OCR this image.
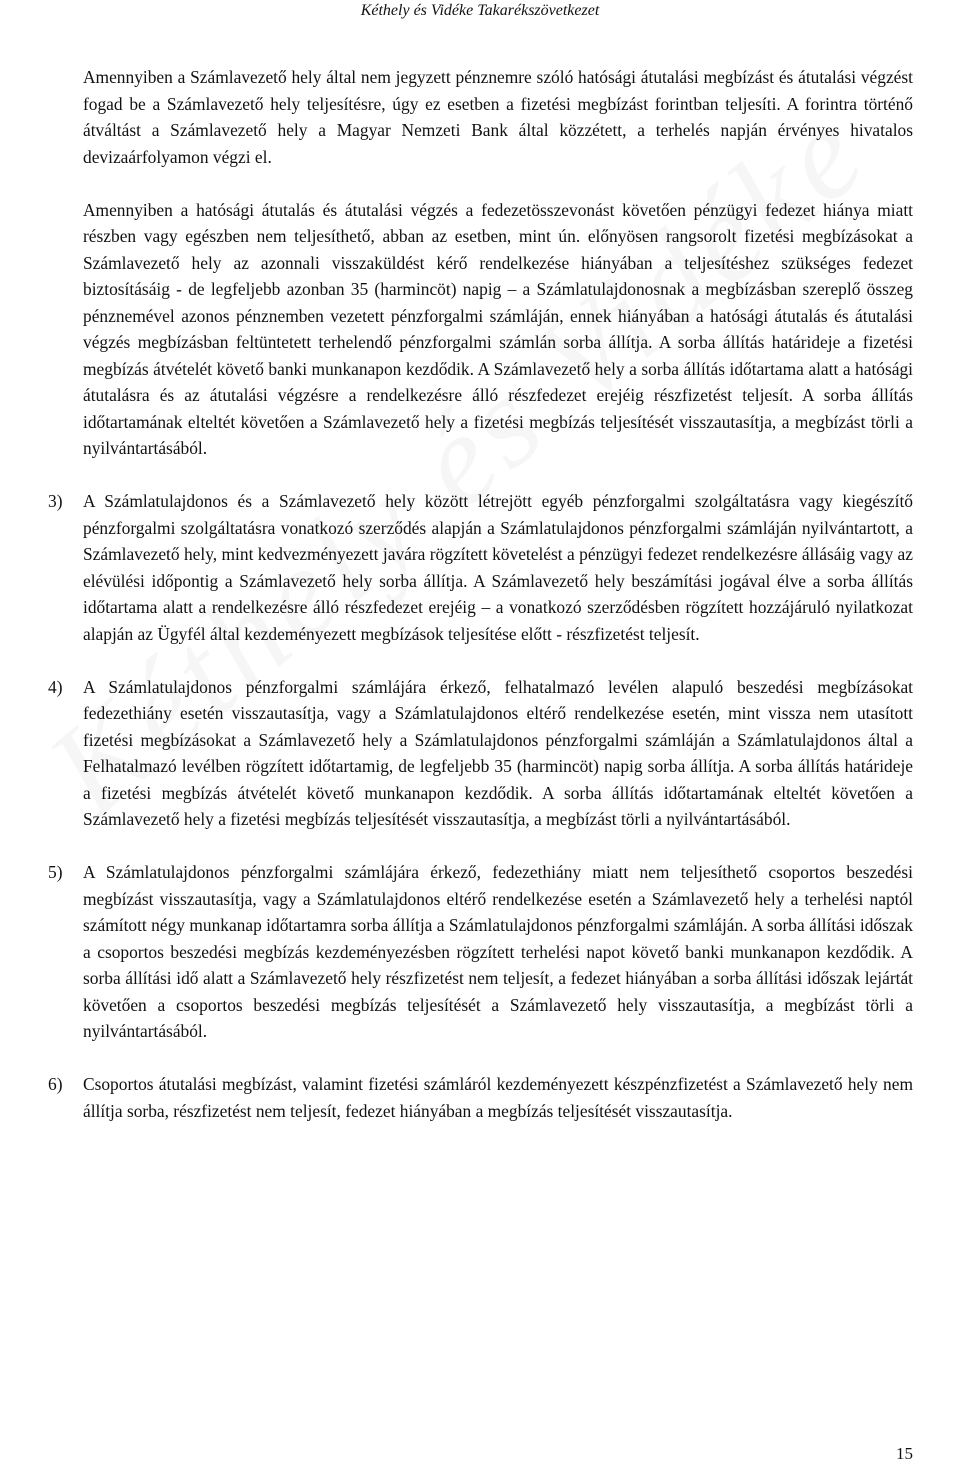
Kéthely és Vidéke Takarékszövetkezet

Amennyiben a Számlavezető hely által nem jegyzett pénznemre szóló hatósági átutalási megbízást és átutalási végzést fogad be a Számlavezető hely teljesítésre, úgy ez esetben a fizetési megbízást forintban teljesíti. A forintra történő átváltást a Számlavezető hely a Magyar Nemzeti Bank által közzétett, a terhelés napján érvényes hivatalos devizaárfolyamon végzi el.

Amennyiben a hatósági átutalás és átutalási végzés a fedezetösszevonást követően pénzügyi fedezet hiánya miatt részben vagy egészben nem teljesíthető, abban az esetben, mint ún. előnyösen rangsorolt fizetési megbízásokat a Számlavezető hely az azonnali visszaküldést kérő rendelkezése hiányában a teljesítéshez szükséges fedezet biztosításáig - de legfeljebb azonban 35 (harmincöt) napig – a Számlatulajdonosnak a megbízásban szereplő összeg pénznemével azonos pénznemben vezetett pénzforgalmi számláján, ennek hiányában a hatósági átutalás és átutalási végzés megbízásban feltüntetett terhelendő pénzforgalmi számlán sorba állítja. A sorba állítás határideje a fizetési megbízás átvételét követő banki munkanapon kezdődik. A Számlavezető hely a sorba állítás időtartama alatt a hatósági átutalásra és az átutalási végzésre a rendelkezésre álló részfedezet erejéig részfizetést teljesít. A sorba állítás időtartamának elteltét követően a Számlavezető hely a fizetési megbízás teljesítését visszautasítja, a megbízást törli a nyilvántartásából.

3) A Számlatulajdonos és a Számlavezető hely között létrejött egyéb pénzforgalmi szolgáltatásra vagy kiegészítő pénzforgalmi szolgáltatásra vonatkozó szerződés alapján a Számlatulajdonos pénzforgalmi számláján nyilvántartott, a Számlavezető hely, mint kedvezményezett javára rögzített követelést a pénzügyi fedezet rendelkezésre állásáig vagy az elévülési időpontig a Számlavezető hely sorba állítja. A Számlavezető hely beszámítási jogával élve a sorba állítás időtartama alatt a rendelkezésre álló részfedezet erejéig – a vonatkozó szerződésben rögzített hozzájáruló nyilatkozat alapján az Ügyfél által kezdeményezett megbízások teljesítése előtt - részfizetést teljesít.

4) A Számlatulajdonos pénzforgalmi számlájára érkező, felhatalmazó levélen alapuló beszedési megbízásokat fedezethiány esetén visszautasítja, vagy a Számlatulajdonos eltérő rendelkezése esetén, mint vissza nem utasított fizetési megbízásokat a Számlavezető hely a Számlatulajdonos pénzforgalmi számláján a Számlatulajdonos által a Felhatalmazó levélben rögzített időtartamig, de legfeljebb 35 (harmincöt) napig sorba állítja. A sorba állítás határideje a fizetési megbízás átvételét követő munkanapon kezdődik. A sorba állítás időtartamának elteltét követően a Számlavezető hely a fizetési megbízás teljesítését visszautasítja, a megbízást törli a nyilvántartásából.

5) A Számlatulajdonos pénzforgalmi számlájára érkező, fedezethiány miatt nem teljesíthető csoportos beszedési megbízást visszautasítja, vagy a Számlatulajdonos eltérő rendelkezése esetén a Számlavezető hely a terhelési naptól számított négy munkanap időtartamra sorba állítja a Számlatulajdonos pénzforgalmi számláján. A sorba állítási időszak a csoportos beszedési megbízás kezdeményezésben rögzített terhelési napot követő banki munkanapon kezdődik. A sorba állítási idő alatt a Számlavezető hely részfizetést nem teljesít, a fedezet hiányában a sorba állítási időszak lejártát követően a csoportos beszedési megbízás teljesítését a Számlavezető hely visszautasítja, a megbízást törli a nyilvántartásából.

6) Csoportos átutalási megbízást, valamint fizetési számláról kezdeményezett készpénzfizetést a Számlavezető hely nem állítja sorba, részfizetést nem teljesít, fedezet hiányában a megbízás teljesítését visszautasítja.

15
